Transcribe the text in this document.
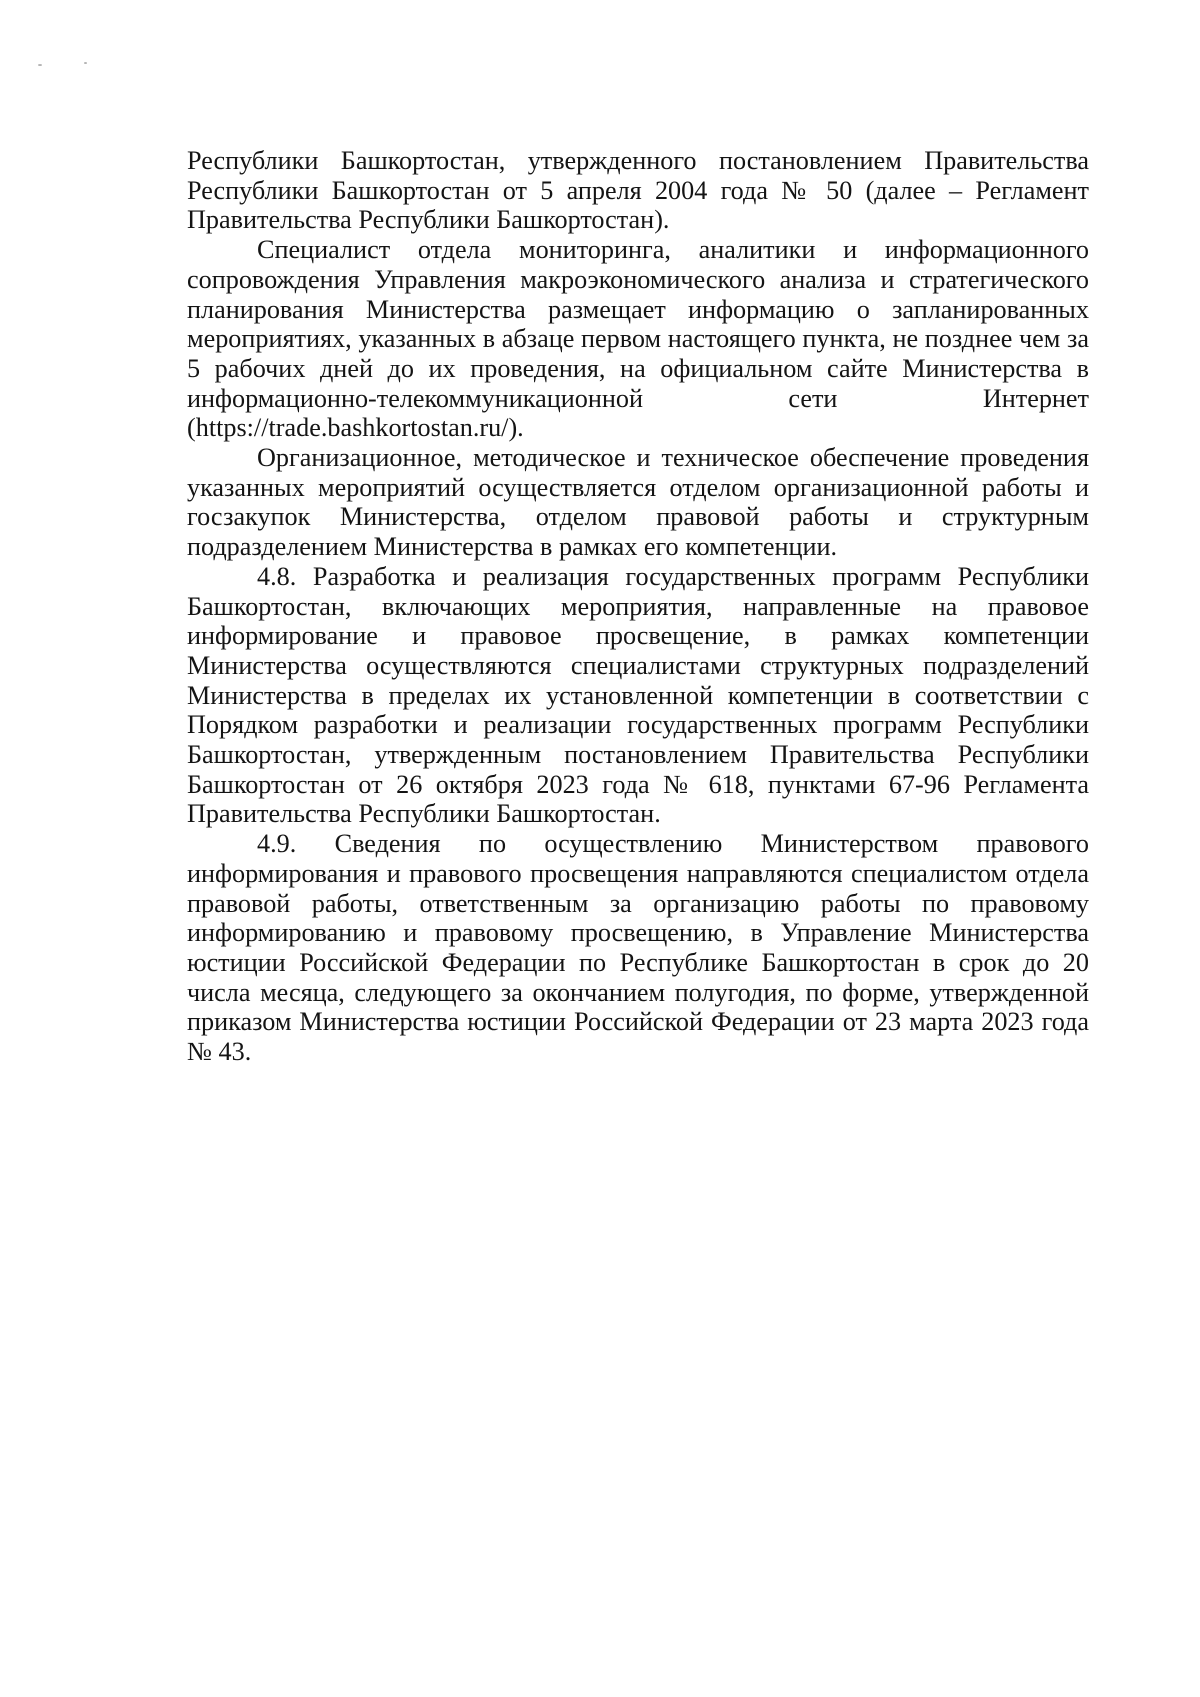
Республики Башкортостан, утвержденного постановлением Правительства Республики Башкортостан от 5 апреля 2004 года № 50 (далее – Регламент Правительства Республики Башкортостан).

Специалист отдела мониторинга, аналитики и информационного сопровождения Управления макроэкономического анализа и стратегического планирования Министерства размещает информацию о запланированных мероприятиях, указанных в абзаце первом настоящего пункта, не позднее чем за 5 рабочих дней до их проведения, на официальном сайте Министерства в информационно-телекоммуникационной сети Интернет

(https://trade.bashkortostan.ru/).

Организационное, методическое и техническое обеспечение проведения указанных мероприятий осуществляется отделом организационной работы и госзакупок Министерства, отделом правовой работы и структурным подразделением Министерства в рамках его компетенции.

4.8. Разработка и реализация государственных программ Республики Башкортостан, включающих мероприятия, направленные на правовое информирование и правовое просвещение, в рамках компетенции Министерства осуществляются специалистами структурных подразделений Министерства в пределах их установленной компетенции в соответствии с Порядком разработки и реализации государственных программ Республики Башкортостан, утвержденным постановлением Правительства Республики Башкортостан от 26 октября 2023 года № 618, пунктами 67-96 Регламента Правительства Республики Башкортостан.

4.9. Сведения по осуществлению Министерством правового информирования и правового просвещения направляются специалистом отдела правовой работы, ответственным за организацию работы по правовому информированию и правовому просвещению, в Управление Министерства юстиции Российской Федерации по Республике Башкортостан в срок до 20 числа месяца, следующего за окончанием полугодия, по форме, утвержденной приказом Министерства юстиции Российской Федерации от 23 марта 2023 года № 43.
